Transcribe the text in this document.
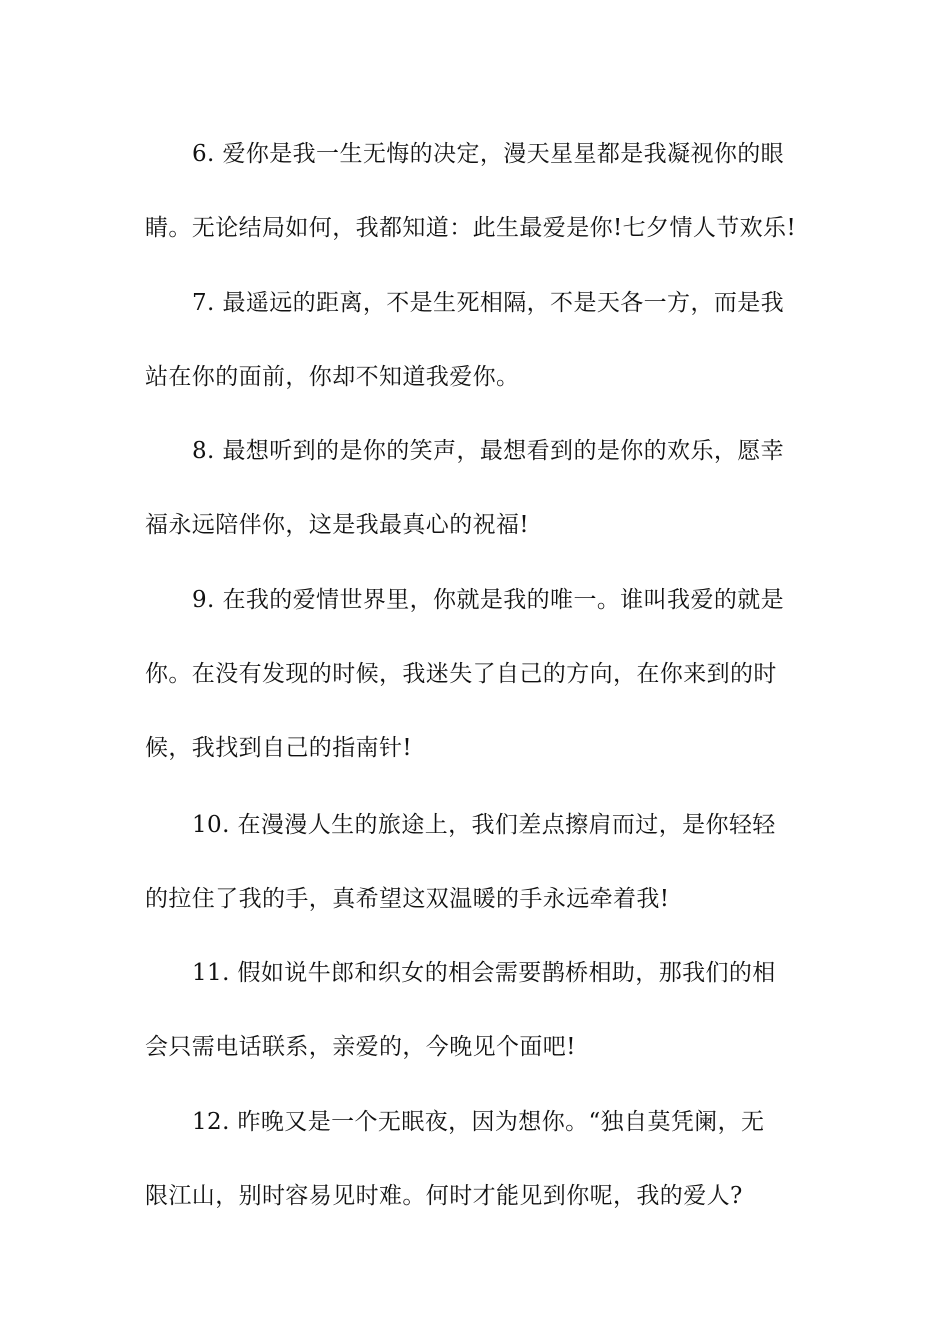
6. 爱你是我一生无悔的决定，漫天星星都是我凝视你的眼
睛。无论结局如何，我都知道：此生最爱是你!七夕情人节欢乐!
7. 最遥远的距离，不是生死相隔，不是天各一方，而是我
站在你的面前，你却不知道我爱你。
8. 最想听到的是你的笑声，最想看到的是你的欢乐，愿幸
福永远陪伴你，这是我最真心的祝福!
9. 在我的爱情世界里，你就是我的唯一。谁叫我爱的就是
你。在没有发现的时候，我迷失了自己的方向，在你来到的时
候，我找到自己的指南针!
10. 在漫漫人生的旅途上，我们差点擦肩而过，是你轻轻
的拉住了我的手，真希望这双温暖的手永远牵着我!
11. 假如说牛郎和织女的相会需要鹊桥相助，那我们的相
会只需电话联系，亲爱的，今晚见个面吧!
12. 昨晚又是一个无眠夜，因为想你。“独自莫凭阑，无
限江山，别时容易见时难。何时才能见到你呢，我的爱人?
